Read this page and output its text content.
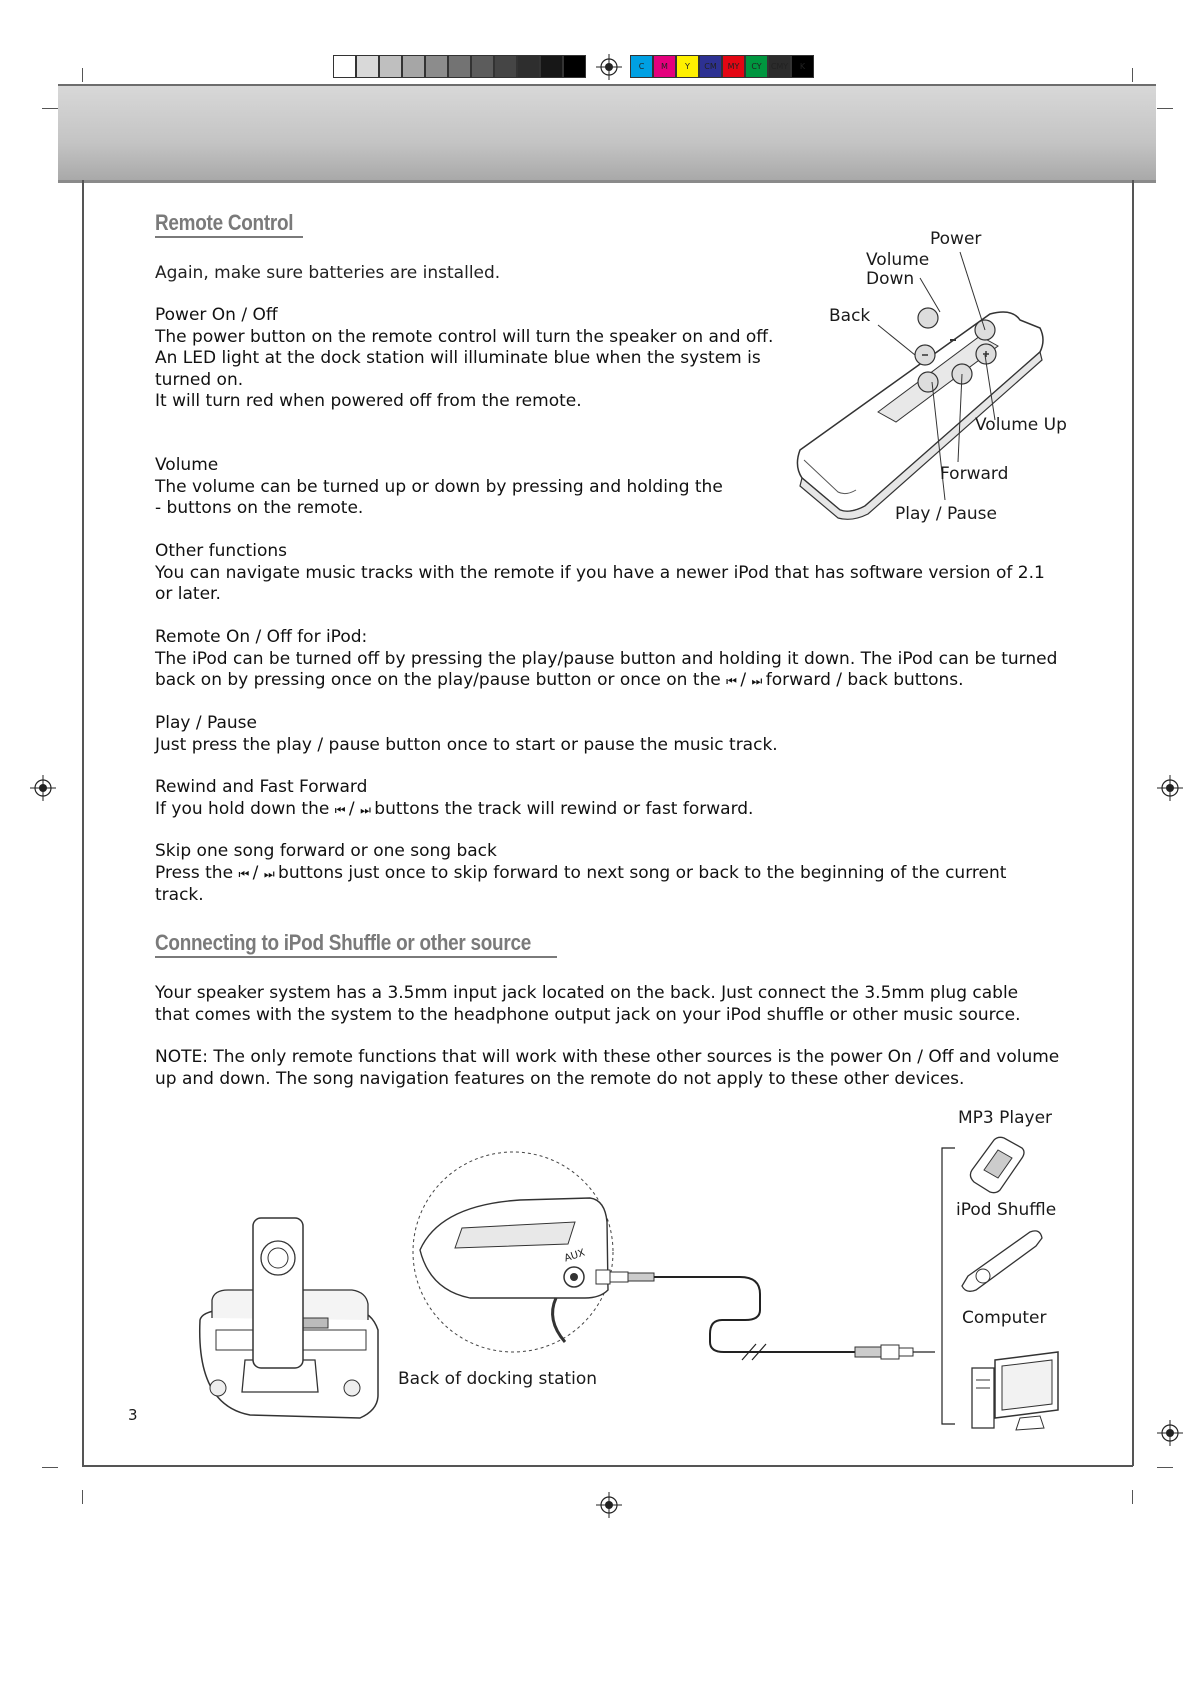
C	M	Y	CM	MY	CY	CMY	K
Remote Control
Again, make sure batteries are installed.
Power On / Off
The power button on the remote control will turn the speaker on and off.
An LED light at the dock station will illuminate blue when the system is
turned on.
It will turn red when powered off from the remote.
Volume
The volume can be turned up or down by pressing and holding the
- buttons on the remote.
Other functions
You can navigate music tracks with the remote if you have a newer iPod that has software version of 2.1
or later.
Remote On / Off for iPod:
The iPod can be turned off by pressing the play/pause button and holding it down. The iPod can be turned
back on by pressing once on the play/pause button or once on the ⏮ / ⏭ forward / back buttons.
Play / Pause
Just press the play / pause button once to start or pause the music track.
Rewind and Fast Forward
If you hold down the ⏮ / ⏭ buttons the track will rewind or fast forward.
Skip one song forward or one song back
Press the ⏮ / ⏭ buttons just once to skip forward to next song or back to the beginning of the current
track.
Power
Volume
Down
Back
Volume Up
Forward
Play / Pause
Connecting to iPod Shuffle or other source
Your speaker system has a 3.5mm input jack located on the back. Just connect the 3.5mm plug cable
that comes with the system to the headphone output jack on your iPod shuffle or other music source.
NOTE: The only remote functions that will work with these other sources is the power On / Off and volume
up and down. The song navigation features on the remote do not apply to these other devices.
AUX
MP3 Player
iPod Shuffle
Computer
Back of docking station
3
